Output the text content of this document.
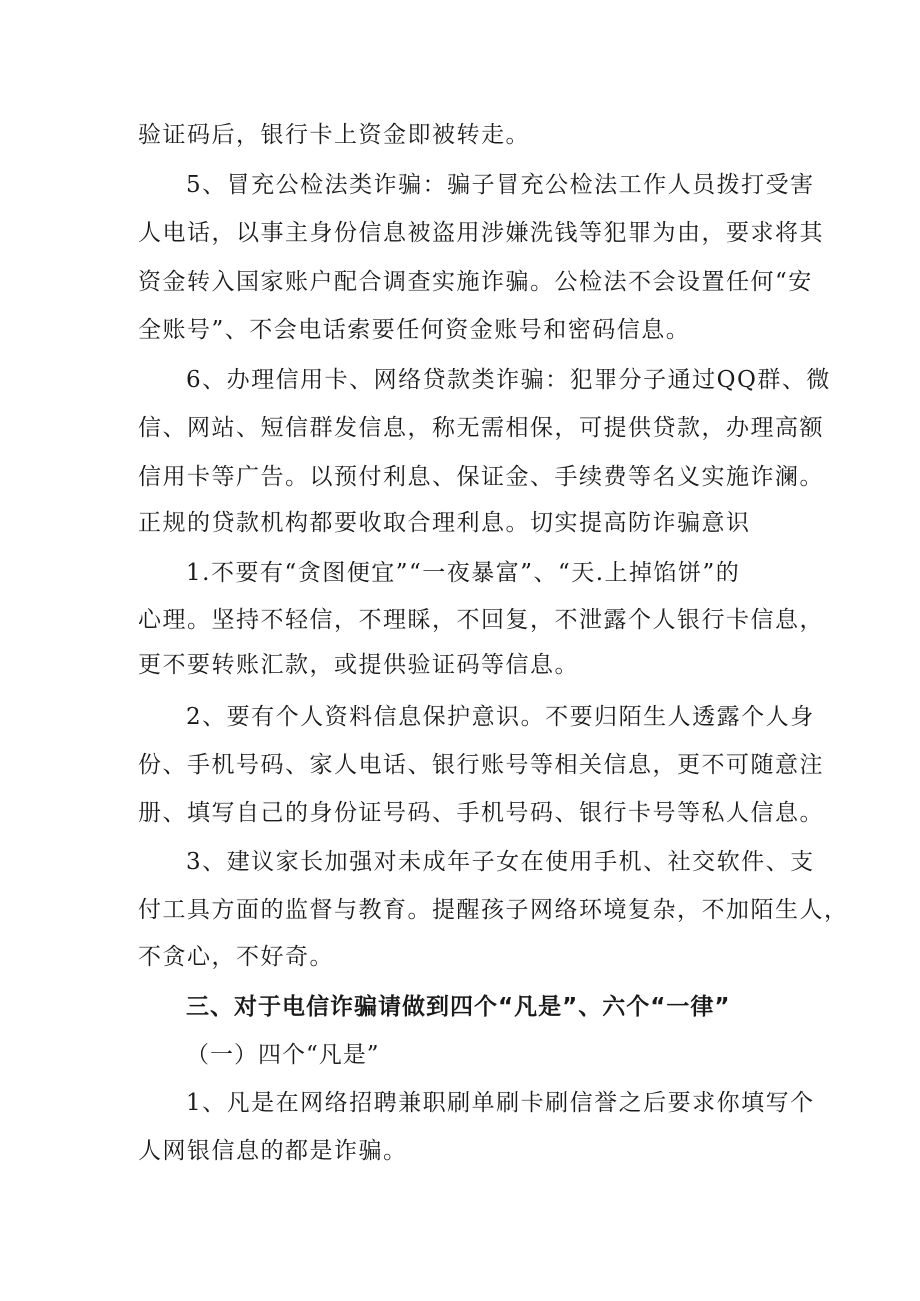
验证码后，银行卡上资金即被转走。
5、冒充公检法类诈骗：骗子冒充公检法工作人员拨打受害
人电话，以事主身份信息被盗用涉嫌洗钱等犯罪为由，要求将其
资金转入国家账户配合调查实施诈骗。公检法不会设置任何“安
全账号”、不会电话索要任何资金账号和密码信息。
6、办理信用卡、网络贷款类诈骗：犯罪分子通过QQ群、微
信、网站、短信群发信息，称无需相保，可提供贷款，办理高额
信用卡等广告。以预付利息、保证金、手续费等名义实施诈澜。
正规的贷款机构都要收取合理利息。切实提高防诈骗意识
1.不要有“贪图便宜”“一夜暴富”、“天.上掉馅饼”的
心理。坚持不轻信，不理睬，不回复，不泄露个人银行卡信息，
更不要转账汇款，或提供验证码等信息。
2、要有个人资料信息保护意识。不要归陌生人透露个人身
份、手机号码、家人电话、银行账号等相关信息，更不可随意注
册、填写自己的身份证号码、手机号码、银行卡号等私人信息。
3、建议家长加强对未成年子女在使用手机、社交软件、支
付工具方面的监督与教育。提醒孩子网络环境复杂，不加陌生人，
不贪心，不好奇。
三、对于电信诈骗请做到四个“凡是”、六个“一律”
（一）四个“凡是”
1、凡是在网络招聘兼职刷单刷卡刷信誉之后要求你填写个
人网银信息的都是诈骗。
